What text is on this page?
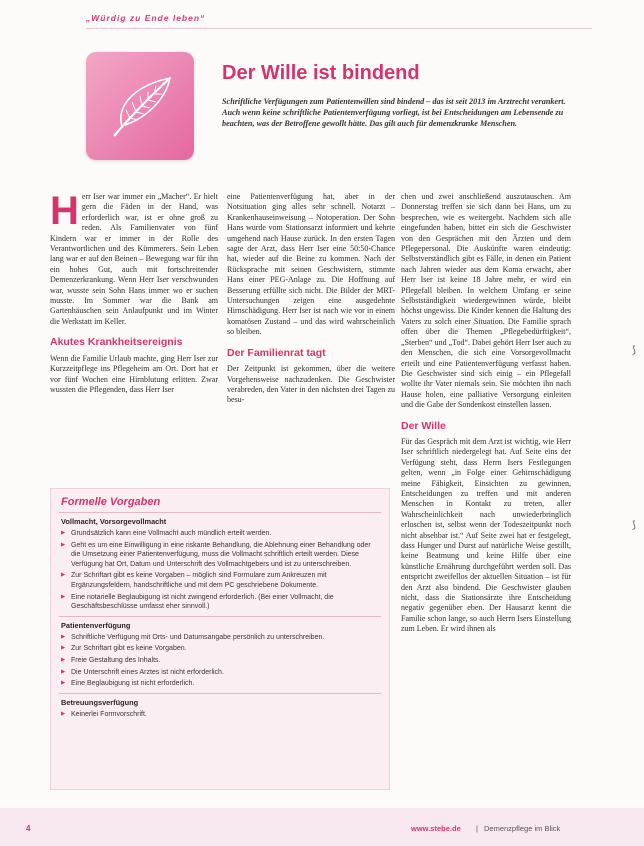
„Würdig zu Ende leben“
Der Wille ist bindend
Schriftliche Verfügungen zum Patientenwillen sind bindend – das ist seit 2013 im Arztrecht verankert. Auch wenn keine schriftliche Patientenverfügung vorliegt, ist bei Entscheidungen am Lebensende zu beachten, was der Betroffene gewollt hätte. Das gilt auch für demenzkranke Menschen.
H err Iser war immer ein „Macher“. Er hielt gern die Fäden in der Hand, was erforderlich war, ist er ohne groß zu reden. Als Familienvater von fünf Kindern war er immer in der Rolle des Verantwortlichen und des Kümmerers. Sein Leben lang war er auf den Beinen – Bewegung war für ihn ein hohes Gut, auch mit fortschreitender Demenzerkrankung. Wenn Herr Iser verschwunden war, wusste sein Sohn Hans immer wo er suchen musste. Im Sommer war die Bank am Gartenhäuschen sein Anlaufpunkt und im Winter die Werkstatt im Keller.

Akutes Krankheitsereignis

Wenn die Familie Urlaub machte, ging Herr Iser zur Kurzzeitpflege ins Pflegeheim am Ort. Dort hat er vor fünf Wochen eine Hirnblutung erlitten. Zwar wussten die Pflegenden, dass Herr Iser

eine Patientenverfügung hat, aber in der Notsituation ging alles sehr schnell. Notarzt – Krankenhauseinweisung – Notoperation. Der Sohn Hans wurde vom Stationsarzt informiert und kehrte umgehend nach Hause zurück. In den ersten Tagen sagte der Arzt, dass Herr Iser eine 50:50-Chance hat, wieder auf die Beine zu kommen. Nach der Rücksprache mit seinen Geschwistern, stimmte Hans einer PEG-Anlage zu. Die Hoffnung auf Besserung erfüllte sich nicht. Die Bilder der MRT-Untersuchungen zeigen eine ausgedehnte Hirnschädigung. Herr Iser ist nach wie vor in einem komatösen Zustand – und das wird wahrscheinlich so bleiben.

Der Familienrat tagt

Der Zeitpunkt ist gekommen, über die weitere Vorgehensweise nachzudenken. Die Geschwister verabreden, den Vater in den nächsten drei Tagen zu besu-

chen und zwei anschließend auszutauschen. Am Donnerstag treffen sie sich dann bei Hans, um zu besprechen, wie es weitergeht. Nachdem sich alle eingefunden haben, bittet ein sich die Geschwister von den Gesprächen mit den Ärzten und dem Pflegepersonal. Die Auskünfte waren eindeutig: Selbstverständlich gibt es Fälle, in denen ein Patient nach Jahren wieder aus dem Koma erwacht, aber Herr Iser ist keine 18 Jahre mehr, er wird ein Pflegefall bleiben. In welchem Umfang er seine Selbstständigkeit wiedergewinnen würde, bleibt höchst ungewiss. Die Kinder kennen die Haltung des Vaters zu solch einer Situation. Die Familie sprach offen über die Themen „Pflegebedürftigkeit“, „Sterben“ und „Tod“. Dabei gehört Herr Iser auch zu den Menschen, die sich eine Vorsorgevollmacht erteilt und eine Patientenverfügung verfasst haben. Die Geschwister sind sich einig – ein Pflegefall wollte ihr Vater niemals sein. Sie möchten ihn nach Hause holen, eine palliative Versorgung einleiten und die Gabe der Sondenkost einstellen lassen.

Der Wille

Für das Gespräch mit dem Arzt ist wichtig, wie Herr Iser schriftlich niedergelegt hat. Auf Seite eins der Verfügung steht, dass Herrn Isers Festlegungen gelten, wenn „in Folge einer Gehirnschädigung meine Fähigkeit, Einsichten zu gewinnen, Entscheidungen zu treffen und mit anderen Menschen in Kontakt zu treten, aller Wahrscheinlichkeit nach unwiederbringlich erloschen ist, selbst wenn der Todeszeitpunkt noch nicht absehbar ist.“ Auf Seite zwei hat er festgelegt, dass Hunger und Durst auf natürliche Weise gestillt, keine Beatmung und keine Hilfe über eine künstliche Ernährung durchgeführt werden soll. Das entspricht zweifellos der aktuellen Situation – ist für den Arzt also bindend. Die Geschwister glauben nicht, dass die Stationsärzte ihre Entscheidung negativ gegenüber eben. Der Hausarzt kennt die Familie schon lange, so auch Herrn Isers Einstellung zum Leben. Er wird ihnen als

Formelle Vorgaben
Vollmacht, Vorsorgevollmacht
▶ Grundsätzlich kann eine Vollmacht auch mündlich erteilt werden.
▶ Geht es um eine Einwilligung in eine riskante Behandlung, die Ablehnung einer Behandlung oder die Umsetzung einer Patientenverfügung, muss die Vollmacht schriftlich erteilt werden. Diese Verfügung hat Ort, Datum und Unterschrift des Vollmachtgebers und ist zu unterschreiben.
▶ Zur Schriftart gibt es keine Vorgaben – möglich sind Formulare zum Ankreuzen mit Ergänzungsfeldern, handschriftliche und mit dem PC geschriebene Dokumente.
▶ Eine notarielle Beglaubigung ist nicht zwingend erforderlich. (Bei einer Vollmacht, die Geschäftsbeschlüsse umfasst eher sinnvoll.)
Patientenverfügung
▶ Schriftliche Verfügung mit Orts- und Datumsangabe persönlich zu unterschreiben.
▶ Zur Schriftart gibt es keine Vorgaben.
▶ Freie Gestaltung des Inhalts.
▶ Die Unterschrift eines Arztes ist nicht erforderlich.
▶ Eine Beglaubigung ist nicht erforderlich.
Betreuungsverfügung
▶ Keinerlei Formvorschrift.
⟆
⟆
4	www.stebe.de | Demenzpflege im Blick
